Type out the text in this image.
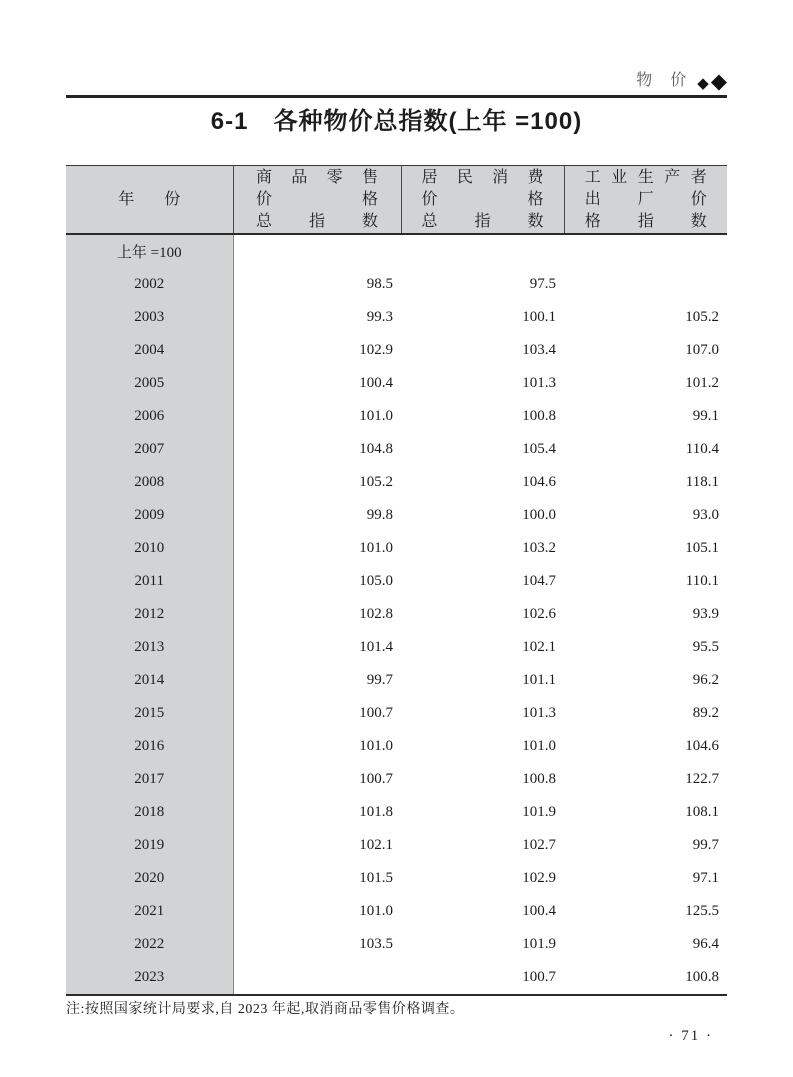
物　价 ◆ ◆
6-1　各种物价总指数(上年 =100)
年份

商品零售
价格
总指数

居民消费
价格
总指数

工业生产者
出厂价
格指数

上年 =100			
2002	98.5	97.5	
2003	99.3	100.1	105.2
2004	102.9	103.4	107.0
2005	100.4	101.3	101.2
2006	101.0	100.8	99.1
2007	104.8	105.4	110.4
2008	105.2	104.6	118.1
2009	99.8	100.0	93.0
2010	101.0	103.2	105.1
2011	105.0	104.7	110.1
2012	102.8	102.6	93.9
2013	101.4	102.1	95.5
2014	99.7	101.1	96.2
2015	100.7	101.3	89.2
2016	101.0	101.0	104.6
2017	100.7	100.8	122.7
2018	101.8	101.9	108.1
2019	102.1	102.7	99.7
2020	101.5	102.9	97.1
2021	101.0	100.4	125.5
2022	103.5	101.9	96.4
2023		100.7	100.8
注:按照国家统计局要求,自 2023 年起,取消商品零售价格调查。
· 71 ·
